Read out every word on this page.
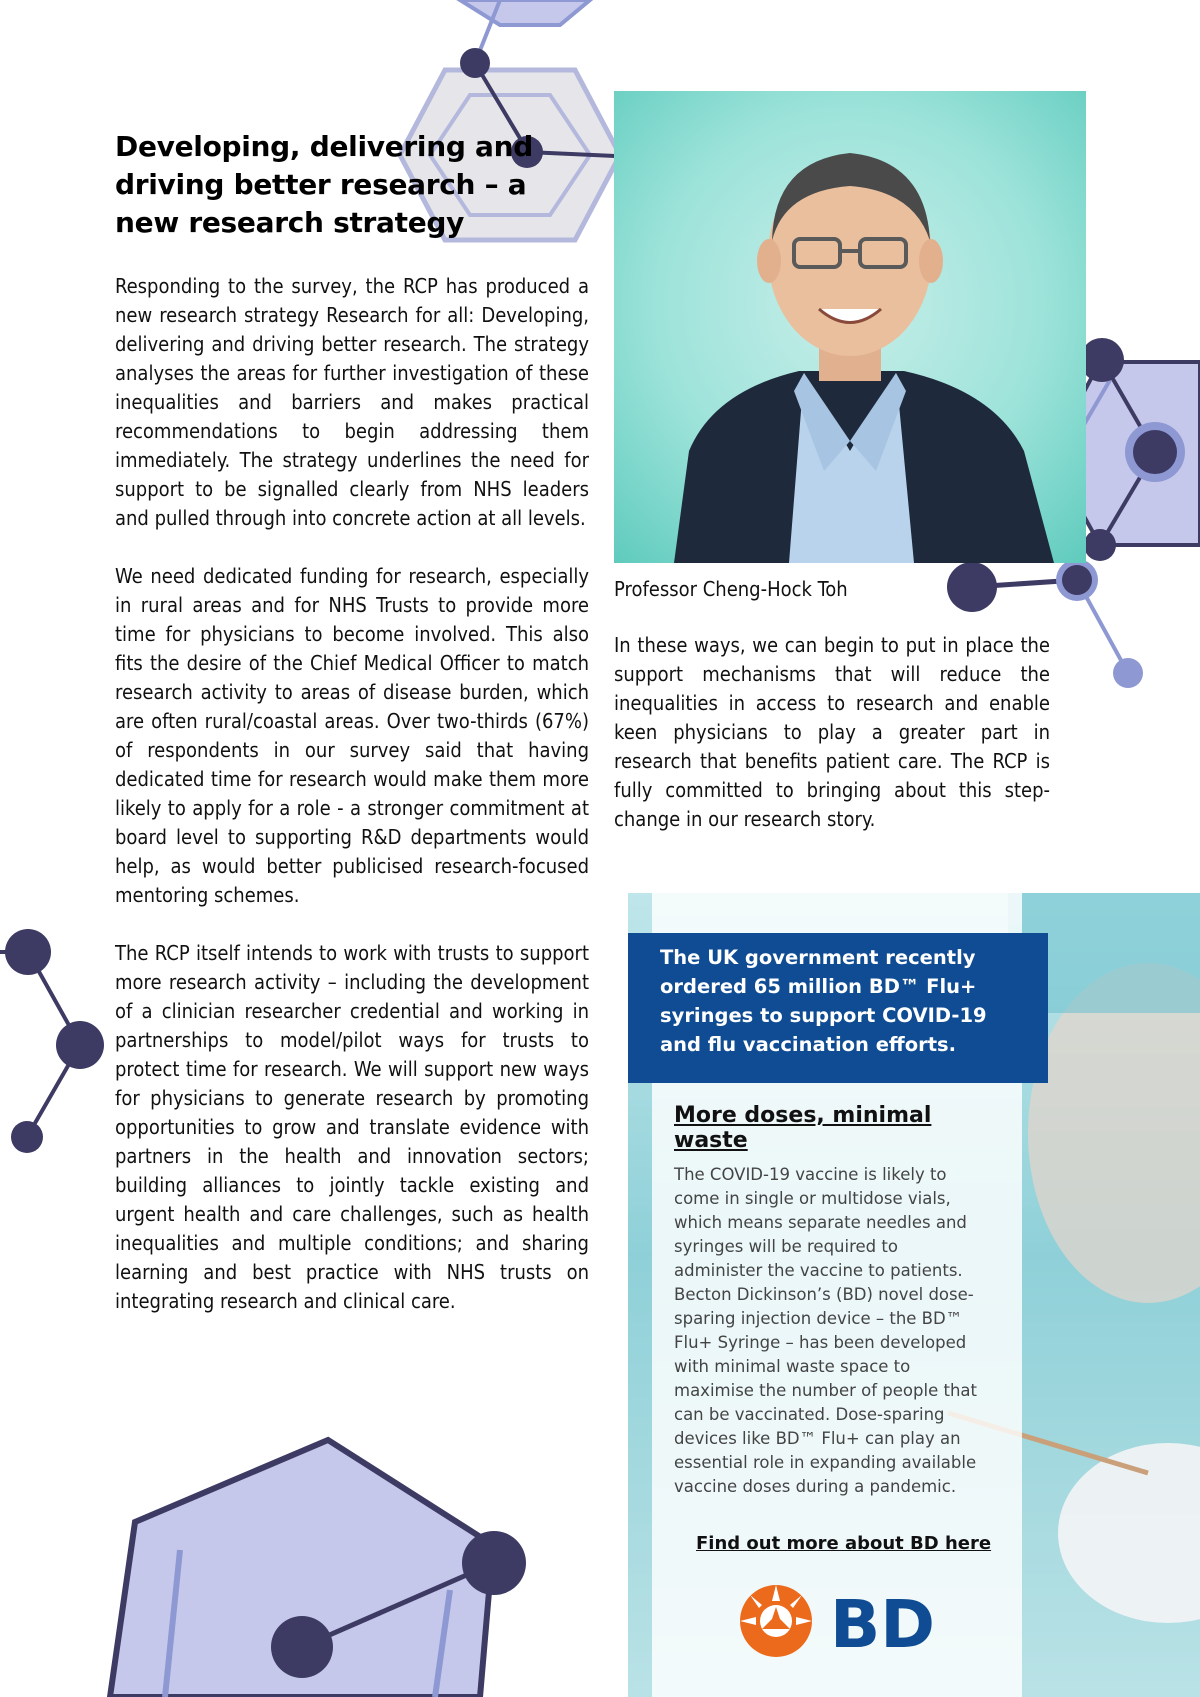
Developing, delivering and driving better research – a new research strategy

Responding to the survey, the RCP has produced a new research strategy Research for all: Developing, delivering and driving better research. The strategy analyses the areas for further investigation of these inequalities and barriers and makes practical recommendations to begin addressing them immediately. The strategy underlines the need for support to be signalled clearly from NHS leaders and pulled through into concrete action at all levels.

We need dedicated funding for research, especially in rural areas and for NHS Trusts to provide more time for physicians to become involved. This also fits the desire of the Chief Medical Officer to match research activity to areas of disease burden, which are often rural/coastal areas. Over two-thirds (67%) of respondents in our survey said that having dedicated time for research would make them more likely to apply for a role - a stronger commitment at board level to supporting R&D departments would help, as would better publicised research-focused mentoring schemes.

The RCP itself intends to work with trusts to support more research activity – including the development of a clinician researcher credential and working in partnerships to model/pilot ways for trusts to protect time for research. We will support new ways for physicians to generate research by promoting opportunities to grow and translate evidence with partners in the health and innovation sectors; building alliances to jointly tackle existing and urgent health and care challenges, such as health inequalities and multiple conditions; and sharing learning and best practice with NHS trusts on integrating research and clinical care.

Professor Cheng-Hock Toh

In these ways, we can begin to put in place the support mechanisms that will reduce the inequalities in access to research and enable keen physicians to play a greater part in research that benefits patient care. The RCP is fully committed to bringing about this step-change in our research story.

The UK government recently ordered 65 million BD™ Flu+ syringes to support COVID-19 and flu vaccination efforts.
More doses, minimal waste
The COVID-19 vaccine is likely to come in single or multidose vials, which means separate needles and syringes will be required to administer the vaccine to patients. Becton Dickinson’s (BD) novel dose-sparing injection device – the BD™ Flu+ Syringe – has been developed with minimal waste space to maximise the number of people that can be vaccinated. Dose-sparing devices like BD™ Flu+ can play an essential role in expanding available vaccine doses during a pandemic.
Find out more about BD here
BD
